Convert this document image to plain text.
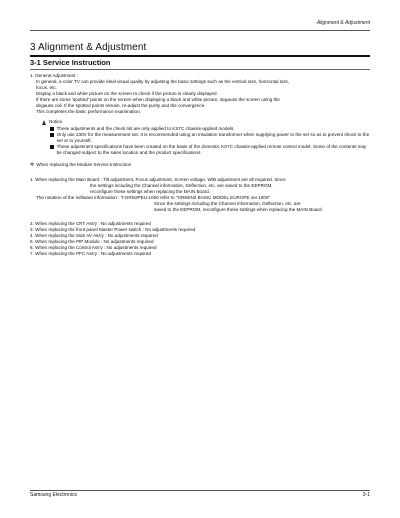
Alignment & Adjustment
3 Alignment & Adjustment
3-1 Service Instruction

1. General Adjustment :

In general, a color TV can provide ideal visual quality by adjusting the basic settings such as the vertical size, horizontal size,

focus, etc.

Display a black and white picture on the screen to check if the picture is clearly displayed.

If there are some 'spotted' points on the screen when displaying a black and white picture, degauss the screen using the

degauss coil. If the spotted points remain, re-adjust the purity and the convergence.

This completes the basic performance examination.

Notice.
These adjustments and the check list are only applied to KS7C chassis-applied models.
Only use 230V for the measurement set. It is recommended using an insulation transformer when supplying power to the set so as to prevent shock to the set or to yourself.
These adjustment specifications have been created on the basis of the domestic KS7C chassis-applied remote control model. Some of the contents may be changed subject to the sales location and the product specifications.
✲ When replacing the Module Service Instruction

1. When replacing the Main Board : Tilt adjustment, Focus adjustment, Screen voltage, W/B adjustment are all required. Since

the settings including the Channel information, Deflection, etc. are saved to the EEPROM,

reconfigure these settings when replacing the MAIN Board.

The notation of the software information : T-GRN2PEU-1000 refer to "GREEN2 BASIC MODEL EUROPE ver.1000"

Since the settings including the Channel information, Deflection, etc. are

saved to the EEPROM, reconfigure these settings when replacing the MAIN Board.

2. When replacing the CRT Ass'y : No adjustments required

3. When replacing the front panel Master Power switch : No adjustments required

4. When replacing the Side AV Ass'y : No adjustments required

5. When replacing the PIP Module : No adjustments required

6. When replacing the Control Ass'y : No adjustments required

7. When replacing the PFC Ass'y : No adjustments required

Samsung Electronics	3-1
